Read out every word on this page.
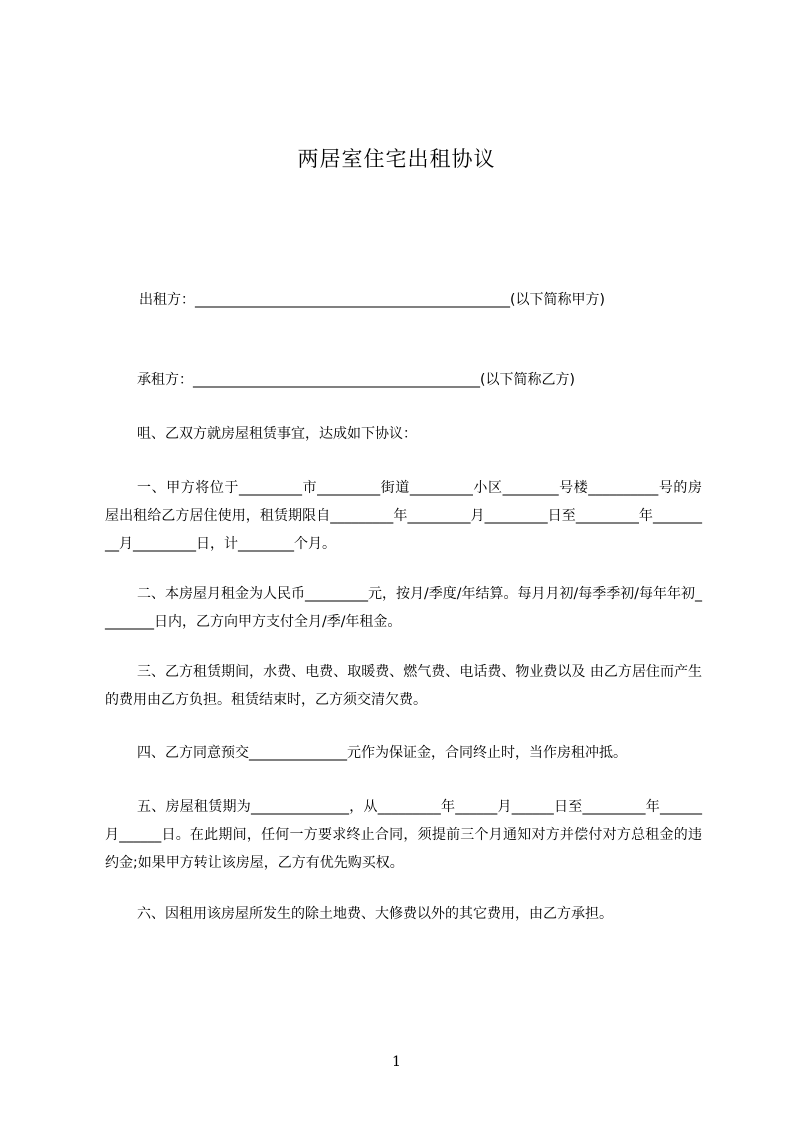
两居室住宅出租协议
出租方：_____________________________________________(以下简称甲方)
承租方：_________________________________________(以下简称乙方)
咀、乙双方就房屋租赁事宜，达成如下协议：
一、甲方将位于_________市_________街道_________小区________号楼__________号的房屋出租给乙方居住使用，租赁期限自_________年_________月_________日至_________年_________月_________日，计________个月。
二、本房屋月租金为人民币_________元，按月/季度/年结算。每月月初/每季季初/每年年初________日内，乙方向甲方支付全月/季/年租金。
三、乙方租赁期间，水费、电费、取暖费、燃气费、电话费、物业费以及 由乙方居住而产生的费用由乙方负担。租赁结束时，乙方须交清欠费。
四、乙方同意预交______________元作为保证金，合同终止时，当作房租冲抵。
五、房屋租赁期为______________，从_________年______月______日至_________年______月______日。在此期间，任何一方要求终止合同，须提前三个月通知对方并偿付对方总租金的违约金;如果甲方转让该房屋，乙方有优先购买权。
六、因租用该房屋所发生的除土地费、大修费以外的其它费用，由乙方承担。
1
